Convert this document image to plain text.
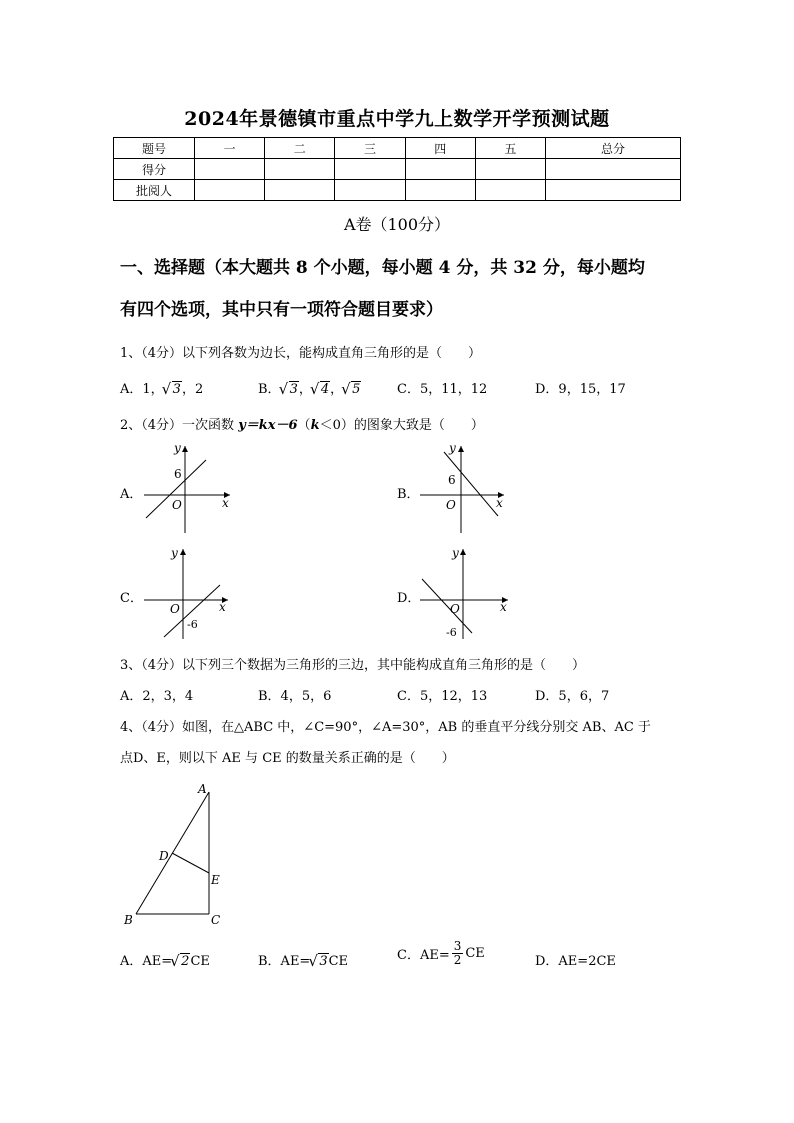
2024年景德镇市重点中学九上数学开学预测试题
题号	一	二	三	四	五	总分
得分						
批阅人						
A卷（100分）
一、选择题（本大题共 8 个小题，每小题 4 分，共 32 分，每小题均
有四个选项，其中只有一项符合题目要求）
1、（4分）以下列各数为边长，能构成直角三角形的是（　　）
A．1， √ 3，2	B． √ 3， √ 4， √ 5	C．5，11，12	D．9，15，17
2、（4分）一次函数 y＝kx－6（k＜0）的图象大致是（　　）
A．	B．
C．	D．
y
x
O
6
y
x
O
6
y
x
O
-6
y
x
O
-6
3、（4分）以下列三个数据为三角形的三边，其中能构成直角三角形的是（　　）
A．2，3，4	B．4，5，6	C．5，12，13	D．5，6，7
4、（4分）如图，在△ABC 中，∠C=90°，∠A=30°，AB 的垂直平分线分别交 AB、AC 于
点D、E，则以下 AE 与 CE 的数量关系正确的是（　　）
A
B	C
D
E
A．AE= √ 2CE	B．AE= √ 3CE	C．$AE= \frac{3}{2}$ CE
D．AE=2CE
